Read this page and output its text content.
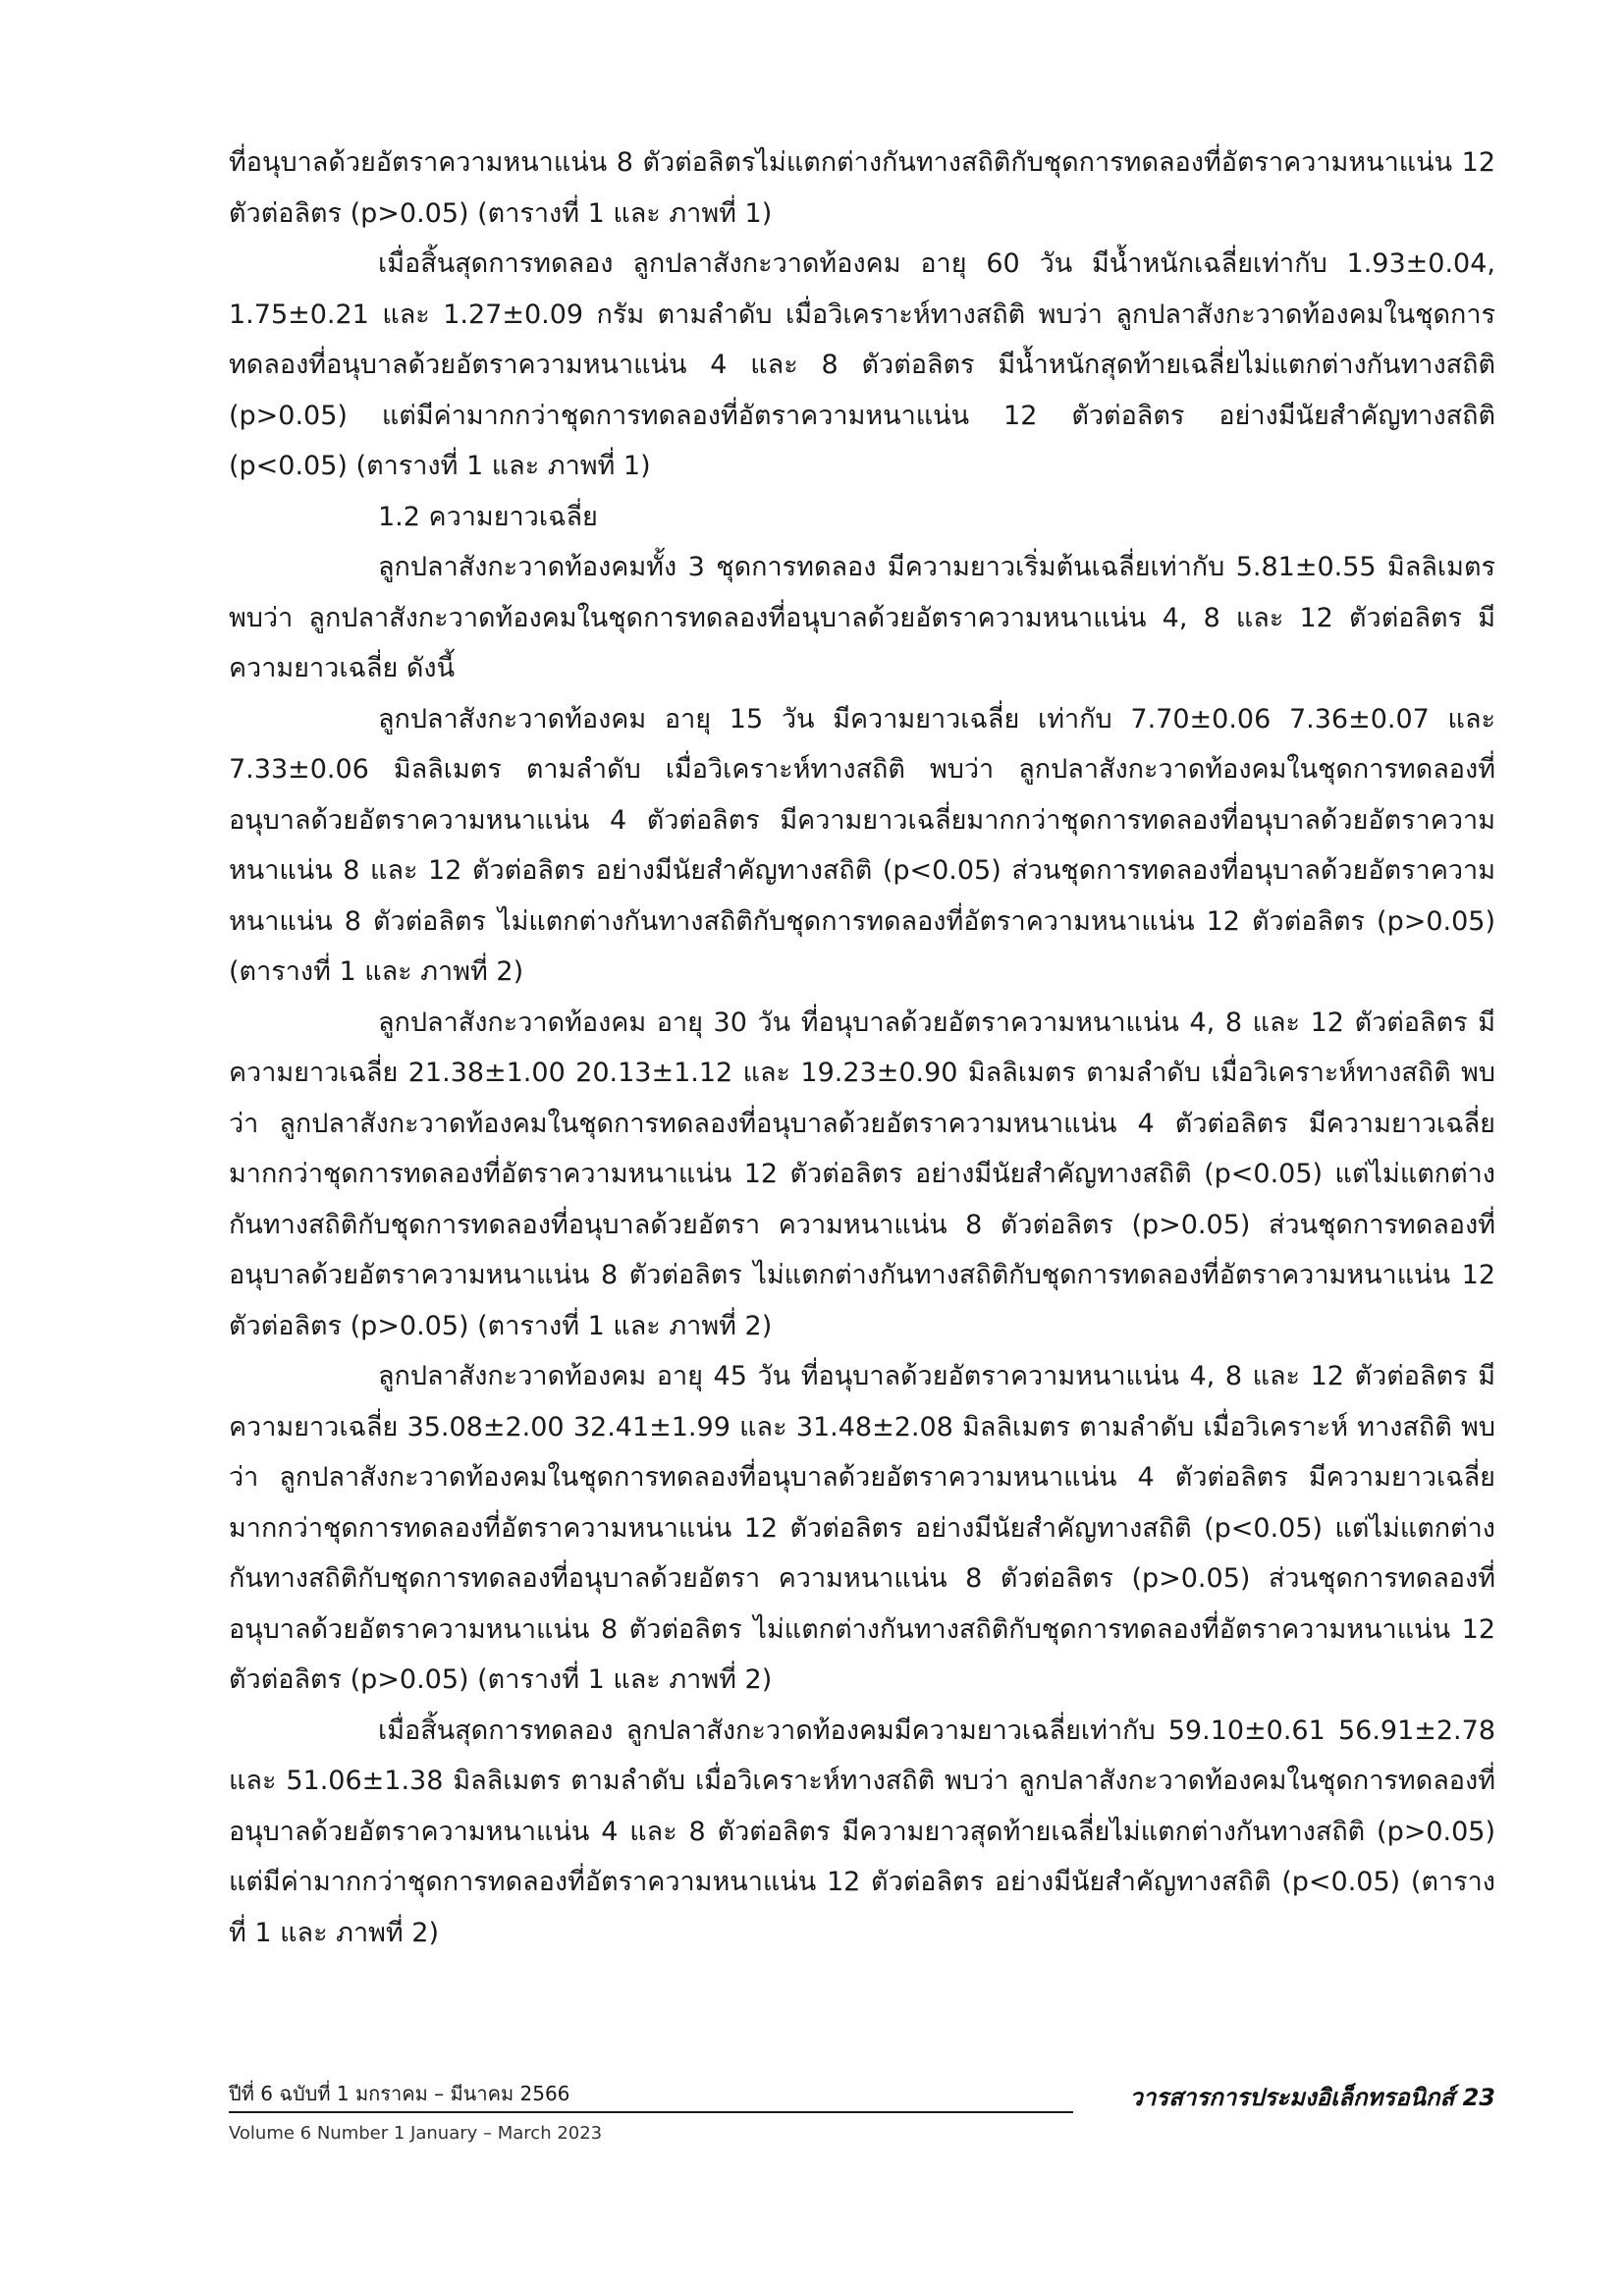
ที่อนุบาลด้วยอัตราความหนาแน่น 8 ตัวต่อลิตรไม่แตกต่างกันทางสถิติกับชุดการทดลองที่อัตราความหนาแน่น 12 ตัวต่อลิตร (p>0.05) (ตารางที่ 1 และ ภาพที่ 1)

เมื่อสิ้นสุดการทดลอง ลูกปลาสังกะวาดท้องคม อายุ 60 วัน มีน้ำหนักเฉลี่ยเท่ากับ 1.93±0.04, 1.75±0.21 และ 1.27±0.09 กรัม ตามลำดับ เมื่อวิเคราะห์ทางสถิติ พบว่า ลูกปลาสังกะวาดท้องคมในชุดการทดลองที่อนุบาลด้วยอัตราความหนาแน่น 4 และ 8 ตัวต่อลิตร มีน้ำหนักสุดท้ายเฉลี่ยไม่แตกต่างกันทางสถิติ (p>0.05) แต่มีค่ามากกว่าชุดการทดลองที่อัตราความหนาแน่น 12 ตัวต่อลิตร อย่างมีนัยสำคัญทางสถิติ (p<0.05) (ตารางที่ 1 และ ภาพที่ 1)

1.2 ความยาวเฉลี่ย

ลูกปลาสังกะวาดท้องคมทั้ง 3 ชุดการทดลอง มีความยาวเริ่มต้นเฉลี่ยเท่ากับ 5.81±0.55 มิลลิเมตร พบว่า ลูกปลาสังกะวาดท้องคมในชุดการทดลองที่อนุบาลด้วยอัตราความหนาแน่น 4, 8 และ 12 ตัวต่อลิตร มีความยาวเฉลี่ย ดังนี้

ลูกปลาสังกะวาดท้องคม อายุ 15 วัน มีความยาวเฉลี่ย เท่ากับ 7.70±0.06 7.36±0.07 และ 7.33±0.06 มิลลิเมตร ตามลำดับ เมื่อวิเคราะห์ทางสถิติ พบว่า ลูกปลาสังกะวาดท้องคมในชุดการทดลองที่อนุบาลด้วยอัตราความหนาแน่น 4 ตัวต่อลิตร มีความยาวเฉลี่ยมากกว่าชุดการทดลองที่อนุบาลด้วยอัตราความหนาแน่น 8 และ 12 ตัวต่อลิตร อย่างมีนัยสำคัญทางสถิติ (p<0.05) ส่วนชุดการทดลองที่อนุบาลด้วยอัตราความหนาแน่น 8 ตัวต่อลิตร ไม่แตกต่างกันทางสถิติกับชุดการทดลองที่อัตราความหนาแน่น 12 ตัวต่อลิตร (p>0.05) (ตารางที่ 1 และ ภาพที่ 2)

ลูกปลาสังกะวาดท้องคม อายุ 30 วัน ที่อนุบาลด้วยอัตราความหนาแน่น 4, 8 และ 12 ตัวต่อลิตร มีความยาวเฉลี่ย 21.38±1.00 20.13±1.12 และ 19.23±0.90 มิลลิเมตร ตามลำดับ เมื่อวิเคราะห์ทางสถิติ พบว่า ลูกปลาสังกะวาดท้องคมในชุดการทดลองที่อนุบาลด้วยอัตราความหนาแน่น 4 ตัวต่อลิตร มีความยาวเฉลี่ยมากกว่าชุดการทดลองที่อัตราความหนาแน่น 12 ตัวต่อลิตร อย่างมีนัยสำคัญทางสถิติ (p<0.05) แต่ไม่แตกต่างกันทางสถิติกับชุดการทดลองที่อนุบาลด้วยอัตรา ความหนาแน่น 8 ตัวต่อลิตร (p>0.05) ส่วนชุดการทดลองที่อนุบาลด้วยอัตราความหนาแน่น 8 ตัวต่อลิตร ไม่แตกต่างกันทางสถิติกับชุดการทดลองที่อัตราความหนาแน่น 12 ตัวต่อลิตร (p>0.05) (ตารางที่ 1 และ ภาพที่ 2)

ลูกปลาสังกะวาดท้องคม อายุ 45 วัน ที่อนุบาลด้วยอัตราความหนาแน่น 4, 8 และ 12 ตัวต่อลิตร มีความยาวเฉลี่ย 35.08±2.00 32.41±1.99 และ 31.48±2.08 มิลลิเมตร ตามลำดับ เมื่อวิเคราะห์ ทางสถิติ พบว่า ลูกปลาสังกะวาดท้องคมในชุดการทดลองที่อนุบาลด้วยอัตราความหนาแน่น 4 ตัวต่อลิตร มีความยาวเฉลี่ยมากกว่าชุดการทดลองที่อัตราความหนาแน่น 12 ตัวต่อลิตร อย่างมีนัยสำคัญทางสถิติ (p<0.05) แต่ไม่แตกต่างกันทางสถิติกับชุดการทดลองที่อนุบาลด้วยอัตรา ความหนาแน่น 8 ตัวต่อลิตร (p>0.05) ส่วนชุดการทดลองที่อนุบาลด้วยอัตราความหนาแน่น 8 ตัวต่อลิตร ไม่แตกต่างกันทางสถิติกับชุดการทดลองที่อัตราความหนาแน่น 12 ตัวต่อลิตร (p>0.05) (ตารางที่ 1 และ ภาพที่ 2)

เมื่อสิ้นสุดการทดลอง ลูกปลาสังกะวาดท้องคมมีความยาวเฉลี่ยเท่ากับ 59.10±0.61 56.91±2.78 และ 51.06±1.38 มิลลิเมตร ตามลำดับ เมื่อวิเคราะห์ทางสถิติ พบว่า ลูกปลาสังกะวาดท้องคมในชุดการทดลองที่อนุบาลด้วยอัตราความหนาแน่น 4 และ 8 ตัวต่อลิตร มีความยาวสุดท้ายเฉลี่ยไม่แตกต่างกันทางสถิติ (p>0.05) แต่มีค่ามากกว่าชุดการทดลองที่อัตราความหนาแน่น 12 ตัวต่อลิตร อย่างมีนัยสำคัญทางสถิติ (p<0.05) (ตารางที่ 1 และ ภาพที่ 2)

ปีที่ 6 ฉบับที่ 1 มกราคม – มีนาคม 2566
Volume 6 Number 1 January – March 2023
วารสารการประมงอิเล็กทรอนิกส์ 23
